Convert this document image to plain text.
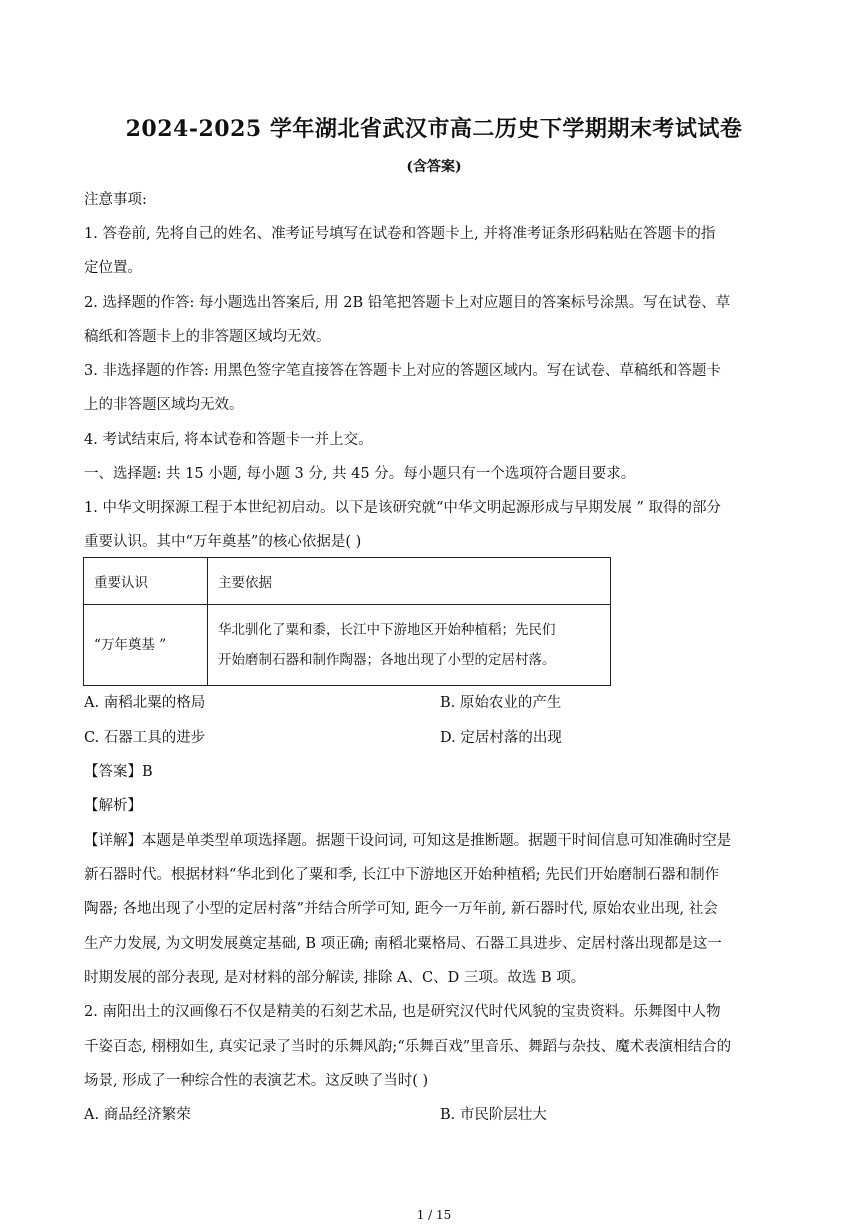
2024-2025 学年湖北省武汉市高二历史下学期期末考试试卷
(含答案)
注意事项:
1. 答卷前, 先将自己的姓名、准考证号填写在试卷和答题卡上, 并将准考证条形码粘贴在答题卡的指
定位置。
2. 选择题的作答: 每小题选出答案后, 用 2B 铅笔把答题卡上对应题目的答案标号涂黑。写在试卷、草
稿纸和答题卡上的非答题区域均无效。
3. 非选择题的作答: 用黑色签字笔直接答在答题卡上对应的答题区域内。写在试卷、草稿纸和答题卡
上的非答题区域均无效。
4. 考试结束后, 将本试卷和答题卡一并上交。
一、选择题: 共 15 小题, 每小题 3 分, 共 45 分。每小题只有一个选项符合题目要求。
1. 中华文明探源工程于本世纪初启动。以下是该研究就“中华文明起源形成与早期发展 ” 取得的部分
重要认识。其中“万年奠基”的核心依据是( )
重要认识	主要依据
“万年奠基 ”	华北驯化了粟和黍，长江中下游地区开始种植稻；先民们
开始磨制石器和制作陶器；各地出现了小型的定居村落。
A. 南稻北粟的格局	B. 原始农业的产生
C. 石器工具的进步	D. 定居村落的出现
【答案】B
【解析】
【详解】本题是单类型单项选择题。据题干设问词, 可知这是推断题。据题干时间信息可知准确时空是
新石器时代。根据材料“华北到化了粟和季, 长江中下游地区开始种植稻; 先民们开始磨制石器和制作
陶器; 各地出现了小型的定居村落”并结合所学可知, 距今一万年前, 新石器时代, 原始农业出现, 社会
生产力发展, 为文明发展奠定基础, B 项正确; 南稻北粟格局、石器工具进步、定居村落出现都是这一
时期发展的部分表现, 是对材料的部分解读, 排除 A、C、D 三项。故选 B 项。
2. 南阳出土的汉画像石不仅是精美的石刻艺术品, 也是研究汉代时代风貌的宝贵资料。乐舞图中人物
千姿百态, 栩栩如生, 真实记录了当时的乐舞风韵;“乐舞百戏”里音乐、舞蹈与杂技、魔术表演相结合的
场景, 形成了一种综合性的表演艺术。这反映了当时( )
A. 商品经济繁荣	B. 市民阶层壮大
1 / 15
